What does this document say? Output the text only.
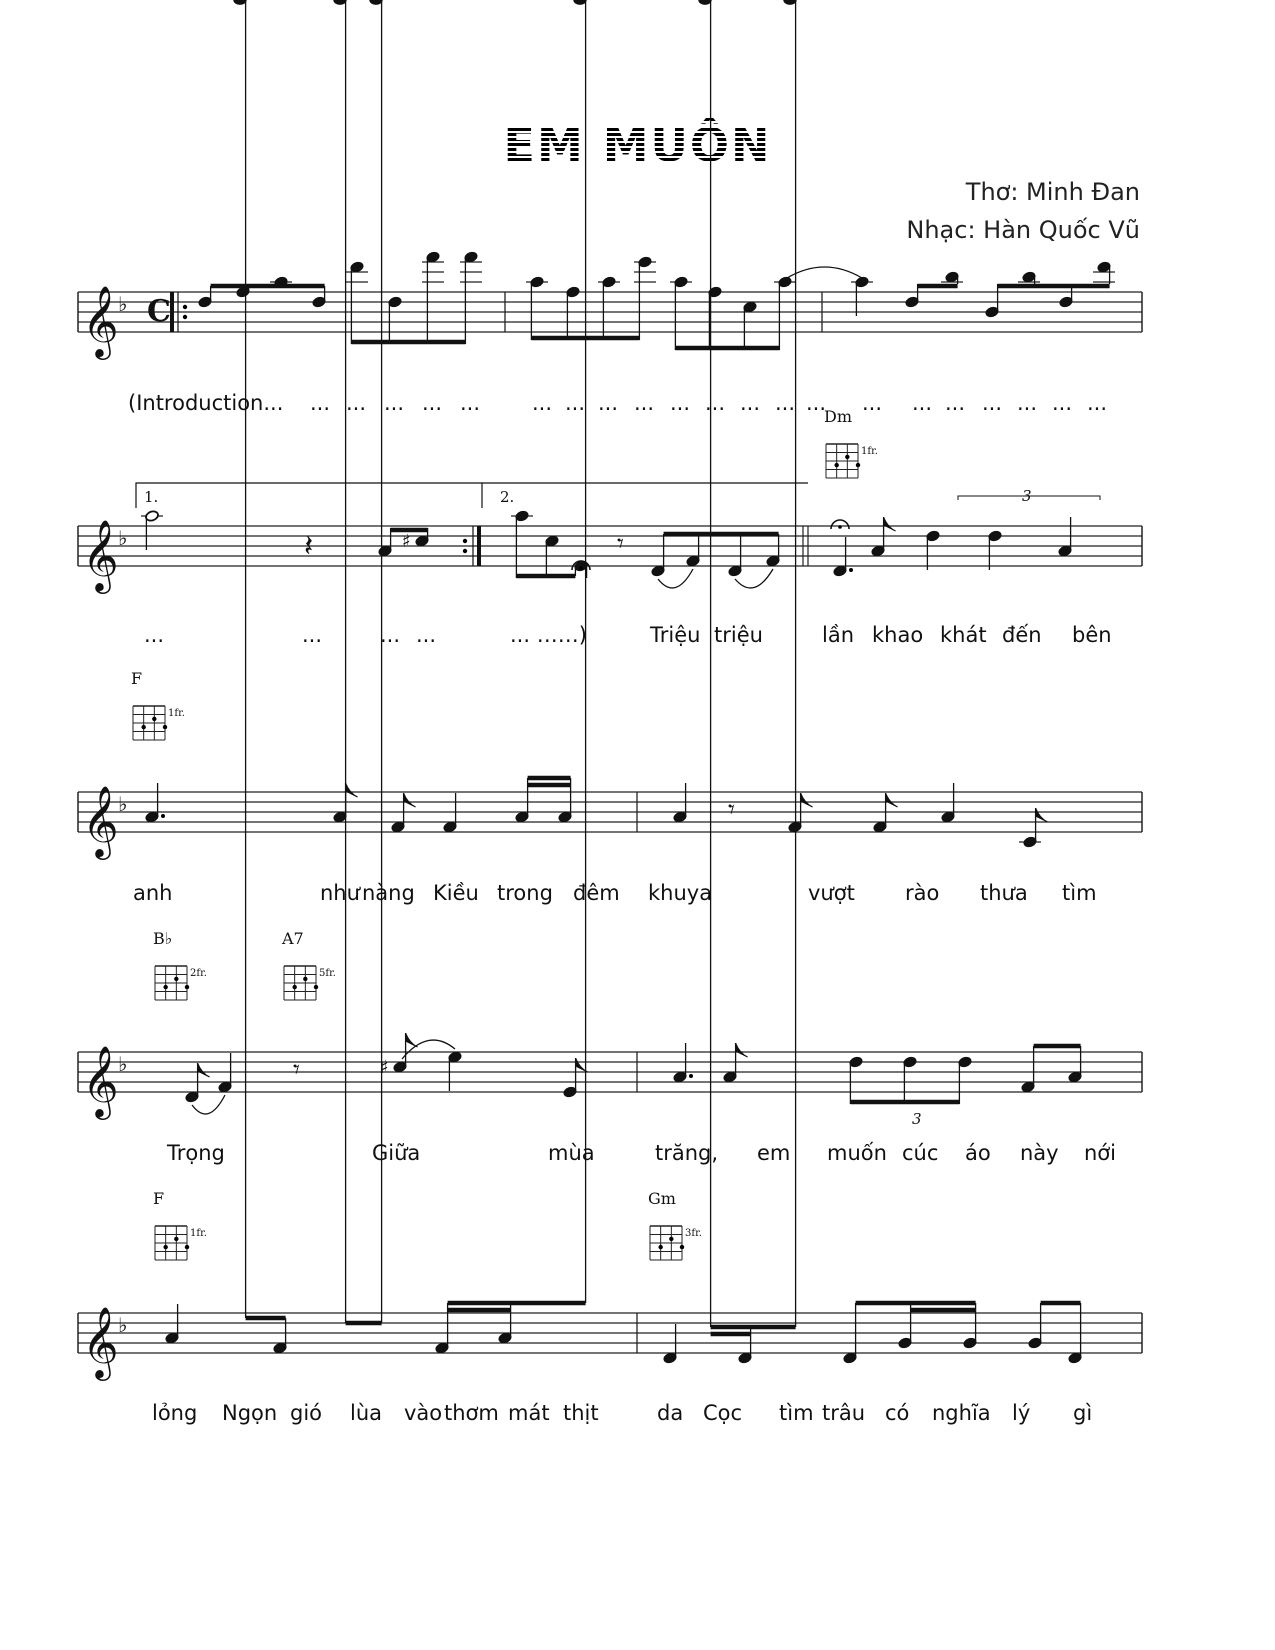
EM MUỐN
Thơ: Minh Đan
Nhạc: Hàn Quốc Vũ
𝄞 ♭ C
(Introduction... ... ... ... ... ... ... ... ... ... ... ... ... ... ... ... ... ... ... ... ... ...
𝄞 ♭
1.	2.
𝄽	♯	𝄾
3
Dm
1fr.
...	...	... ...	... ……)	Triệu triệu	lần khao khát đến bên
𝄞 ♭
F
1fr.
𝄾
anh	như nàng Kiều trong đêm khuya	vượt rào thưa tìm
𝄞 ♭
B♭
2fr.
A7
5fr.
𝄾	♯
3
Trọng	Giữa	mùa	trăng, em muốn cúc áo này nới
𝄞 ♭
F
1fr.
Gm
3fr.
lỏng Ngọn gió lùa vào thơm mát thịt	da Cọc tìm trâu có nghĩa lý gì
